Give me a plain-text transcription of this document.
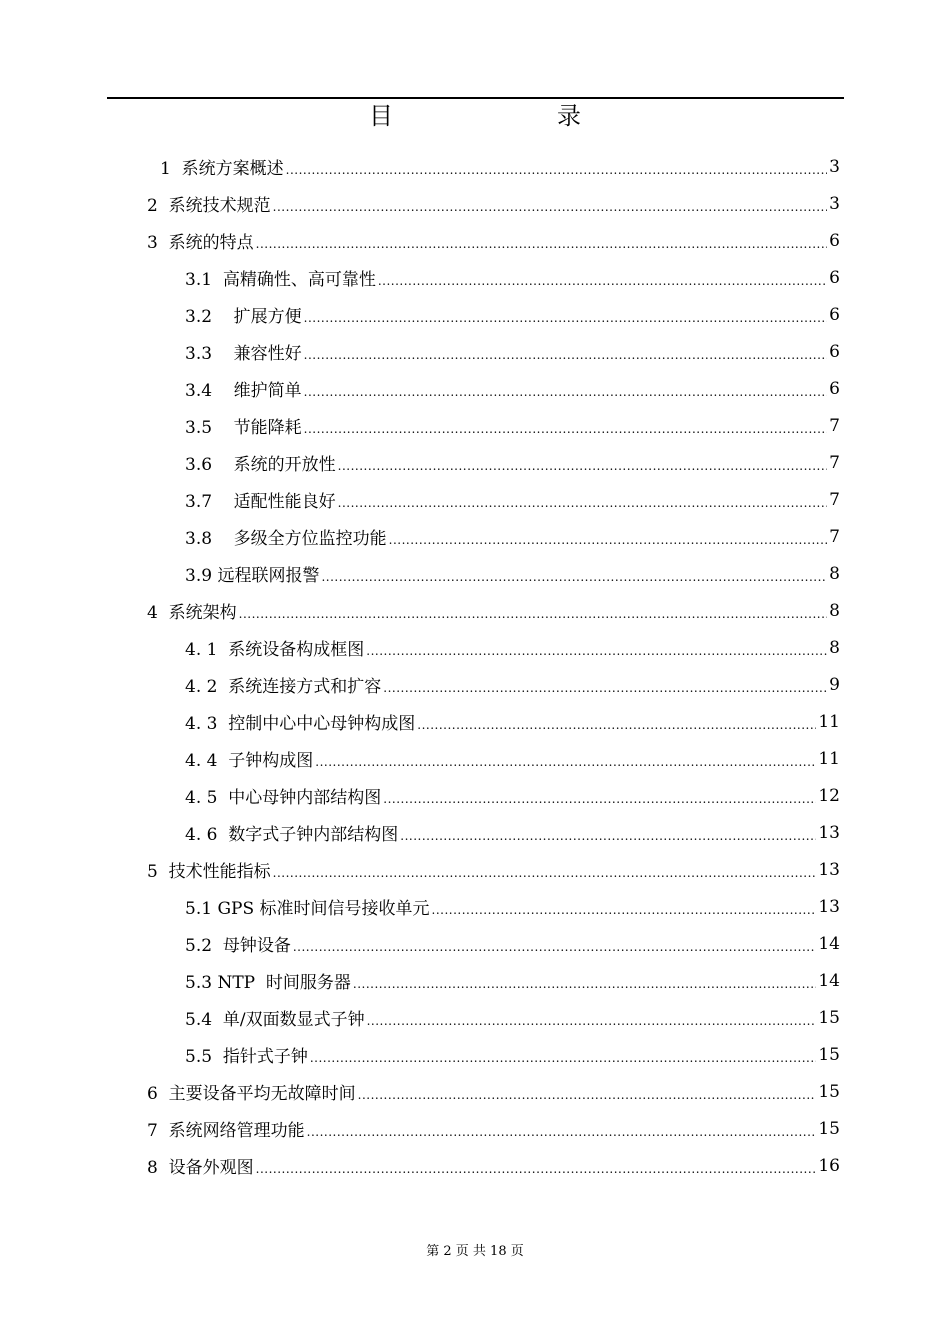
目　录
1  系统方案概述 .....	3
2  系统技术规范 .....	3
3  系统的特点 .....	6
3.1  高精确性、高可靠性 .....	6
3.2    扩展方便 .....	6
3.3    兼容性好 .....	6
3.4    维护简单 .....	6
3.5    节能降耗 .....	7
3.6    系统的开放性 .....	7
3.7    适配性能良好 .....	7
3.8    多级全方位监控功能 .....	7
3.9 远程联网报警 .....	8
4  系统架构 .....	8
4. 1  系统设备构成框图 .....	8
4. 2  系统连接方式和扩容 .....	9
4. 3  控制中心中心母钟构成图 .....	11
4. 4  子钟构成图 .....	11
4. 5  中心母钟内部结构图 .....	12
4. 6  数字式子钟内部结构图 .....	13
5  技术性能指标 .....	13
5.1 GPS 标准时间信号接收单元 .....	13
5.2  母钟设备 .....	14
5.3 NTP  时间服务器 .....	14
5.4  单/双面数显式子钟 .....	15
5.5  指针式子钟 .....	15
6  主要设备平均无故障时间 .....	15
7  系统网络管理功能 .....	15
8  设备外观图 .....	16
第 2 页 共 18 页
